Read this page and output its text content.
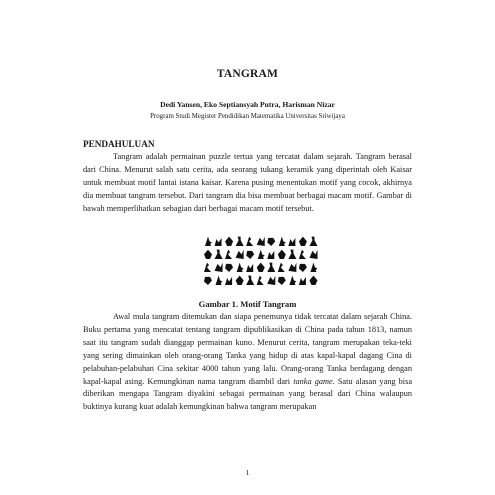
TANGRAM
Dedi Yansen, Eko Septiansyah Putra, Harisman Nizar
Program Studi Megister Pendidikan Matematika Universitas Sriwijaya
PENDAHULUAN

Tangram adalah permainan puzzle tertua yang tercatat dalam sejarah. Tangram berasal dari China. Menurut salah satu cerita, ada seorang tukang keramik yang diperintah oleh Kaisar untuk membuat motif lantai istana kaisar. Karena pusing menentukan motif yang cocok, akhirnya dia membuat tangram tersebut. Dari tangram dia bisa membuat berbagai macam motif. Gambar di bawah memperlihatkan sebagian dari berbagai macam motif tersebut.

Gambar 1. Motif Tangram

Awal mula tangram ditemukan dan siapa penemunya tidak tercatat dalam sejarah China. Buku pertama yang mencatat tentang tangram dipublikasikan di China pada tahun 1813, namun saat itu tangram sudah dianggap permainan kuno. Menurut cerita, tangram merupakan teka-teki yang sering dimainkan oleh orang-orang Tanka yang hidup di atas kapal-kapal dagang Cina di pelabuhan-pelabuhan Cina sekitar 4000 tahun yang lalu. Orang-orang Tanka berdagang dengan kapal-kapal asing. Kemungkinan nama tangram diambil dari tanka game. Satu alasan yang bisa diberikan mengapa Tangram diyakini sebagai permainan yang berasal dari China walaupun buktinya kurang kuat adalah kemungkinan bahwa tangram merupakan

1
